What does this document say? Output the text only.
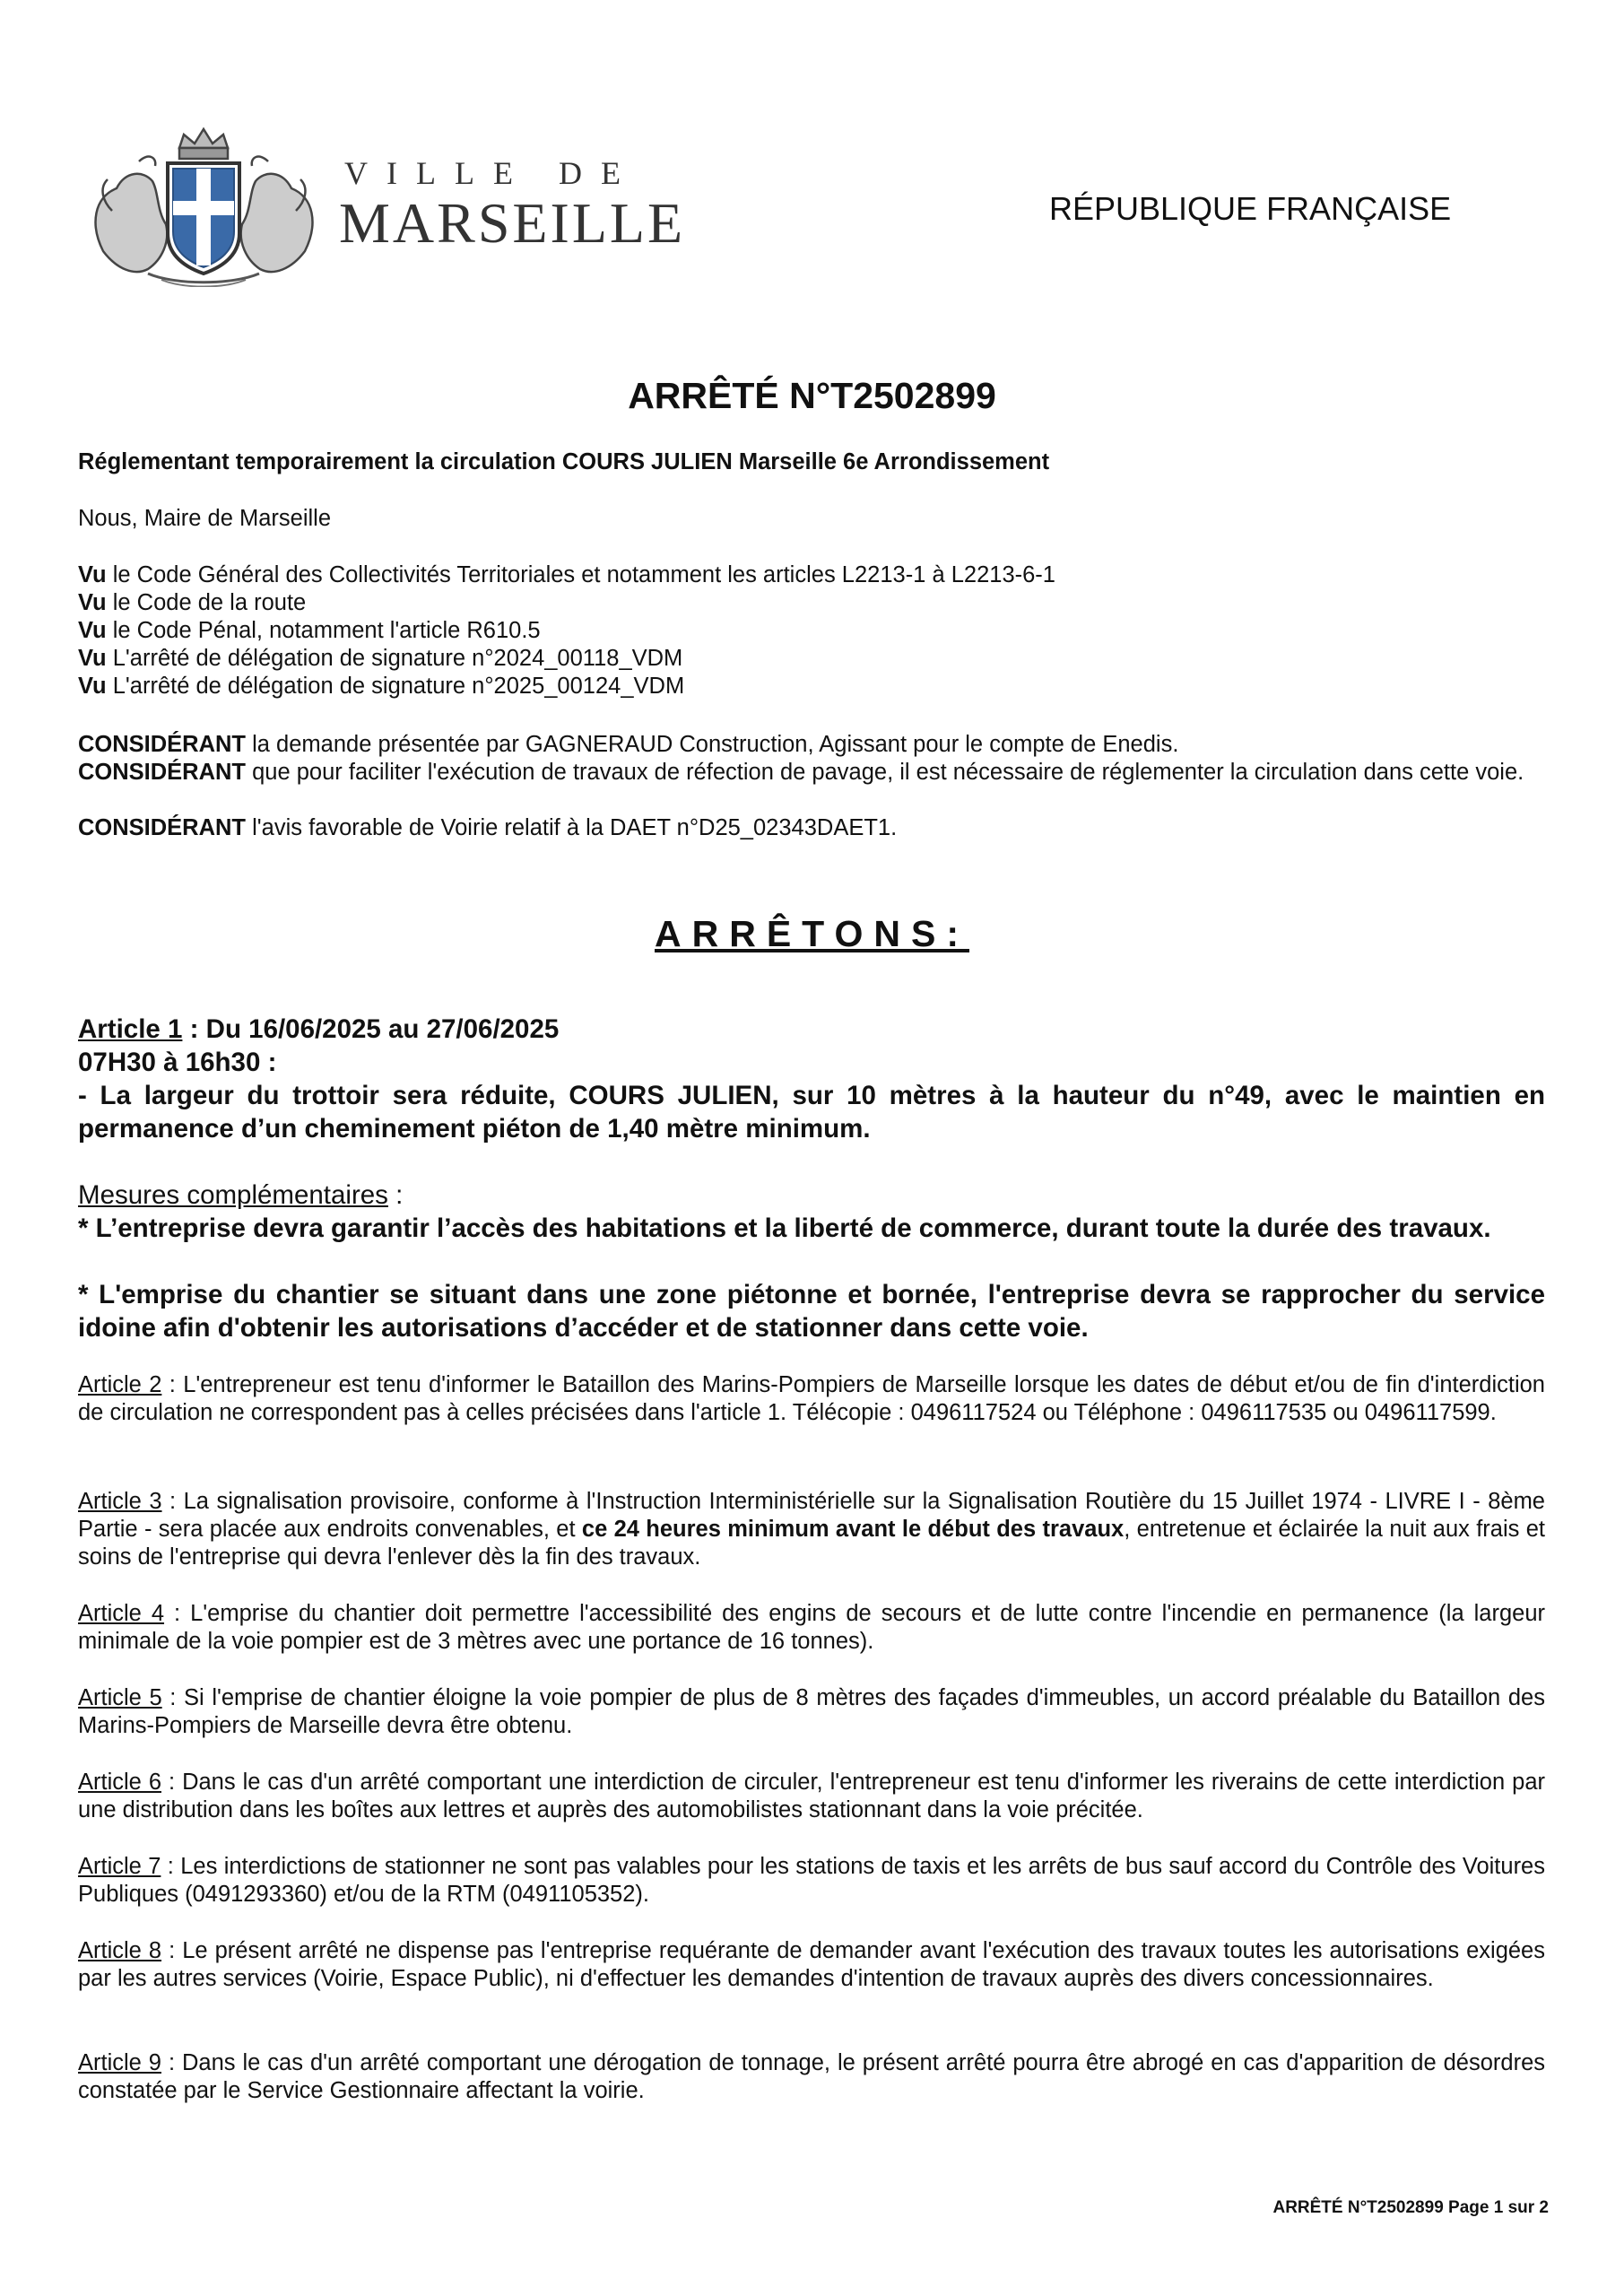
VILLE DE
MARSEILLE	RÉPUBLIQUE FRANÇAISE
ARRÊTÉ N°T2502899
Réglementant temporairement la circulation COURS JULIEN Marseille 6e Arrondissement
Nous, Maire de Marseille
Vu le Code Général des Collectivités Territoriales et notamment les articles L2213-1 à L2213-6-1
Vu le Code de la route
Vu le Code Pénal, notamment l'article R610.5
Vu L'arrêté de délégation de signature n°2024_00118_VDM
Vu L'arrêté de délégation de signature n°2025_00124_VDM
CONSIDÉRANT la demande présentée par GAGNERAUD Construction, Agissant pour le compte de Enedis.
CONSIDÉRANT que pour faciliter l'exécution de travaux de réfection de pavage, il est nécessaire de réglementer la circulation dans cette voie.
CONSIDÉRANT l'avis favorable de Voirie relatif à la DAET n°D25_02343DAET1.
ARRÊTONS:
Article 1 : Du 16/06/2025 au 27/06/2025
07H30 à 16h30 :
- La largeur du trottoir sera réduite, COURS JULIEN, sur 10 mètres à la hauteur du n°49, avec le maintien en permanence d’un cheminement piéton de 1,40 mètre minimum.
Mesures complémentaires :
* L’entreprise devra garantir l’accès des habitations et la liberté de commerce, durant toute la durée des travaux.
* L'emprise du chantier se situant dans une zone piétonne et bornée, l'entreprise devra se rapprocher du service idoine afin d'obtenir les autorisations d’accéder et de stationner dans cette voie.
Article 2 : L'entrepreneur est tenu d'informer le Bataillon des Marins-Pompiers de Marseille lorsque les dates de début et/ou de fin d'interdiction de circulation ne correspondent pas à celles précisées dans l'article 1. Télécopie : 0496117524 ou Téléphone : 0496117535 ou 0496117599.
Article 3 : La signalisation provisoire, conforme à l'Instruction Interministérielle sur la Signalisation Routière du 15 Juillet 1974 - LIVRE I - 8ème Partie - sera placée aux endroits convenables, et ce 24 heures minimum avant le début des travaux, entretenue et éclairée la nuit aux frais et soins de l'entreprise qui devra l'enlever dès la fin des travaux.
Article 4 : L'emprise du chantier doit permettre l'accessibilité des engins de secours et de lutte contre l'incendie en permanence (la largeur minimale de la voie pompier est de 3 mètres avec une portance de 16 tonnes).
Article 5 : Si l'emprise de chantier éloigne la voie pompier de plus de 8 mètres des façades d'immeubles, un accord préalable du Bataillon des Marins-Pompiers de Marseille devra être obtenu.
Article 6 : Dans le cas d'un arrêté comportant une interdiction de circuler, l'entrepreneur est tenu d'informer les riverains de cette interdiction par une distribution dans les boîtes aux lettres et auprès des automobilistes stationnant dans la voie précitée.
Article 7 : Les interdictions de stationner ne sont pas valables pour les stations de taxis et les arrêts de bus sauf accord du Contrôle des Voitures Publiques (0491293360) et/ou de la RTM (0491105352).
Article 8 : Le présent arrêté ne dispense pas l'entreprise requérante de demander avant l'exécution des travaux toutes les autorisations exigées par les autres services (Voirie, Espace Public), ni d'effectuer les demandes d'intention de travaux auprès des divers concessionnaires.
Article 9 : Dans le cas d'un arrêté comportant une dérogation de tonnage, le présent arrêté pourra être abrogé en cas d'apparition de désordres constatée par le Service Gestionnaire affectant la voirie.
ARRÊTÉ N°T2502899 Page 1 sur 2
